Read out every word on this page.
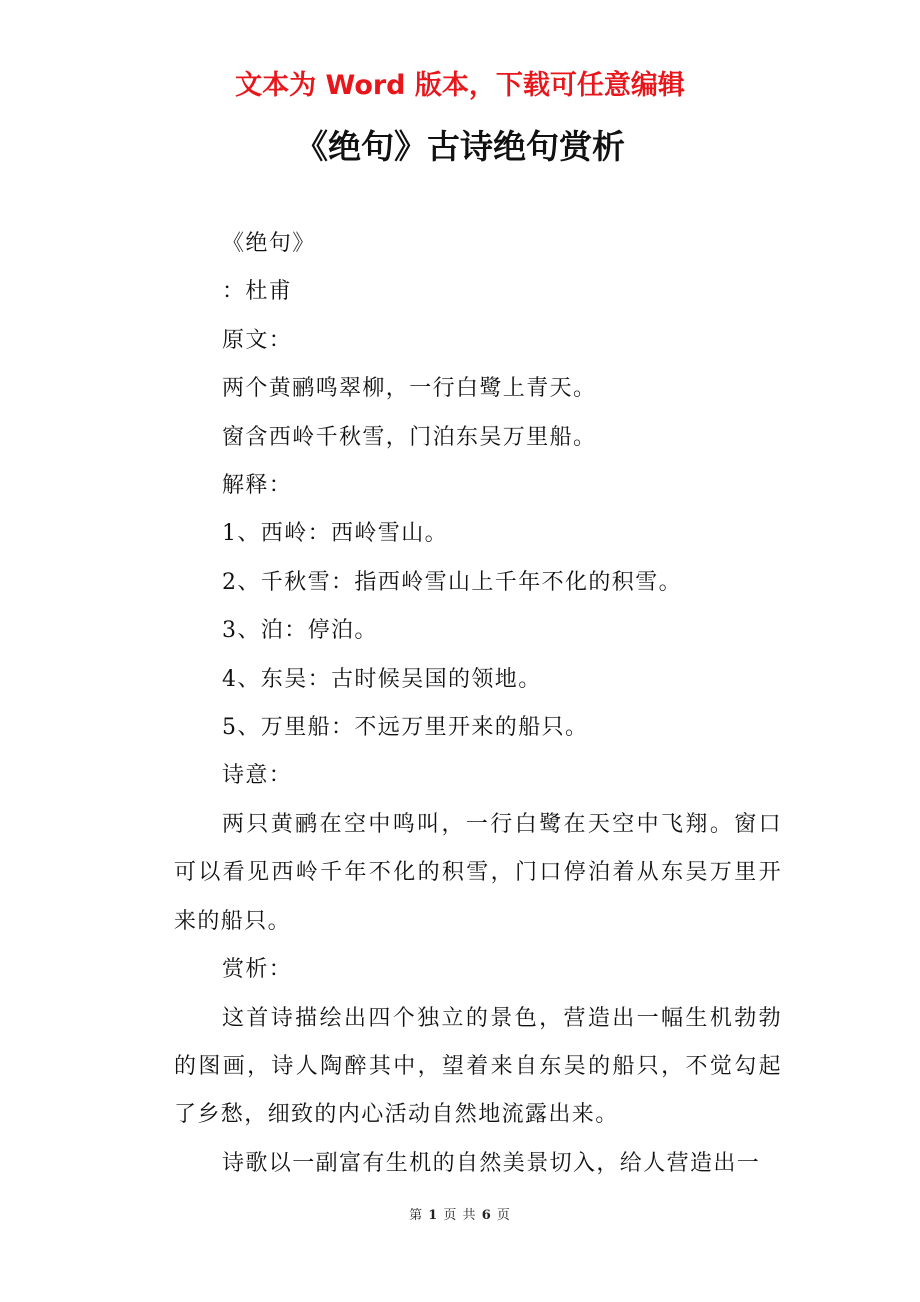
文本为 Word 版本，下载可任意编辑
《绝句》古诗绝句赏析

《绝句》

：杜甫

原文：

两个黄鹂鸣翠柳，一行白鹭上青天。

窗含西岭千秋雪，门泊东吴万里船。

解释：

1、西岭：西岭雪山。

2、千秋雪：指西岭雪山上千年不化的积雪。

3、泊：停泊。

4、东吴：古时候吴国的领地。

5、万里船：不远万里开来的船只。

诗意：

两只黄鹂在空中鸣叫，一行白鹭在天空中飞翔。窗口可以看见西岭千年不化的积雪，门口停泊着从东吴万里开来的船只。

赏析：

这首诗描绘出四个独立的景色，营造出一幅生机勃勃的图画，诗人陶醉其中，望着来自东吴的船只，不觉勾起了乡愁，细致的内心活动自然地流露出来。

诗歌以一副富有生机的自然美景切入，给人营造出一

第 1 页 共 6 页
